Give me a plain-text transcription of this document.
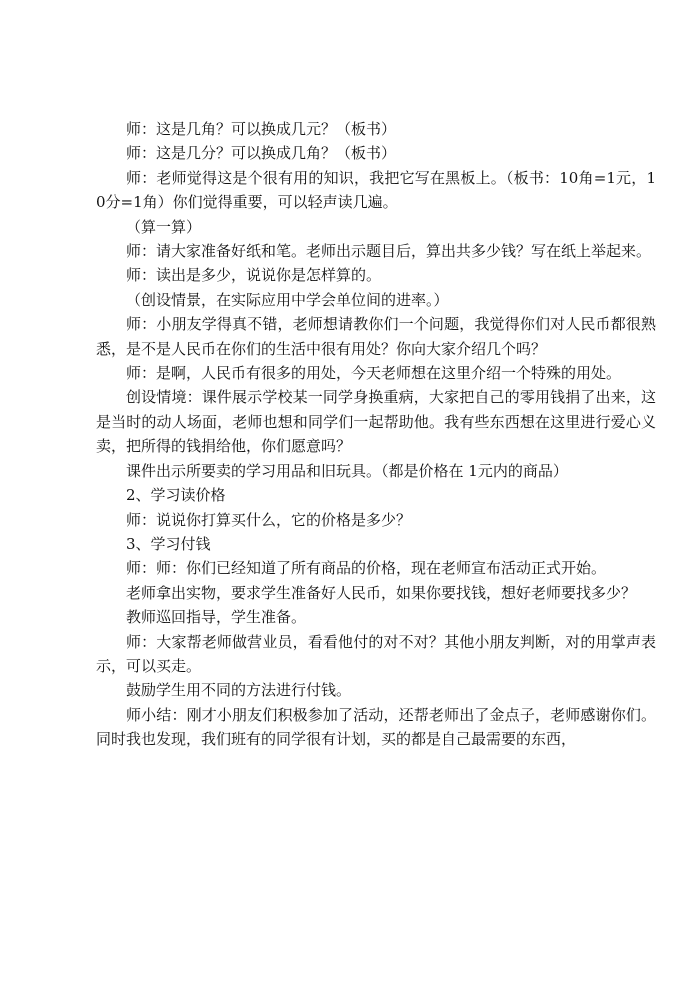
师：这是几角？可以换成几元？（板书）

师：这是几分？可以换成几角？（板书）

师：老师觉得这是个很有用的知识，我把它写在黑板上。（板书：10角=1元，10分=1角）你们觉得重要，可以轻声读几遍。

（算一算）

师：请大家准备好纸和笔。老师出示题目后，算出共多少钱？写在纸上举起来。

师：读出是多少，说说你是怎样算的。

（创设情景，在实际应用中学会单位间的进率。）

师：小朋友学得真不错，老师想请教你们一个问题，我觉得你们对人民币都很熟悉，是不是人民币在你们的生活中很有用处？你向大家介绍几个吗？

师：是啊，人民币有很多的用处，今天老师想在这里介绍一个特殊的用处。

创设情境：课件展示学校某一同学身换重病，大家把自己的零用钱捐了出来，这是当时的动人场面，老师也想和同学们一起帮助他。我有些东西想在这里进行爱心义卖，把所得的钱捐给他，你们愿意吗？

课件出示所要卖的学习用品和旧玩具。（都是价格在 1元内的商品）

2、学习读价格

师：说说你打算买什么，它的价格是多少？

3、学习付钱

师：师：你们已经知道了所有商品的价格，现在老师宣布活动正式开始。

老师拿出实物，要求学生准备好人民币，如果你要找钱，想好老师要找多少？

教师巡回指导，学生准备。

师：大家帮老师做营业员，看看他付的对不对？其他小朋友判断，对的用掌声表示，可以买走。

鼓励学生用不同的方法进行付钱。

师小结：刚才小朋友们积极参加了活动，还帮老师出了金点子，老师感谢你们。同时我也发现，我们班有的同学很有计划，买的都是自己最需要的东西，
